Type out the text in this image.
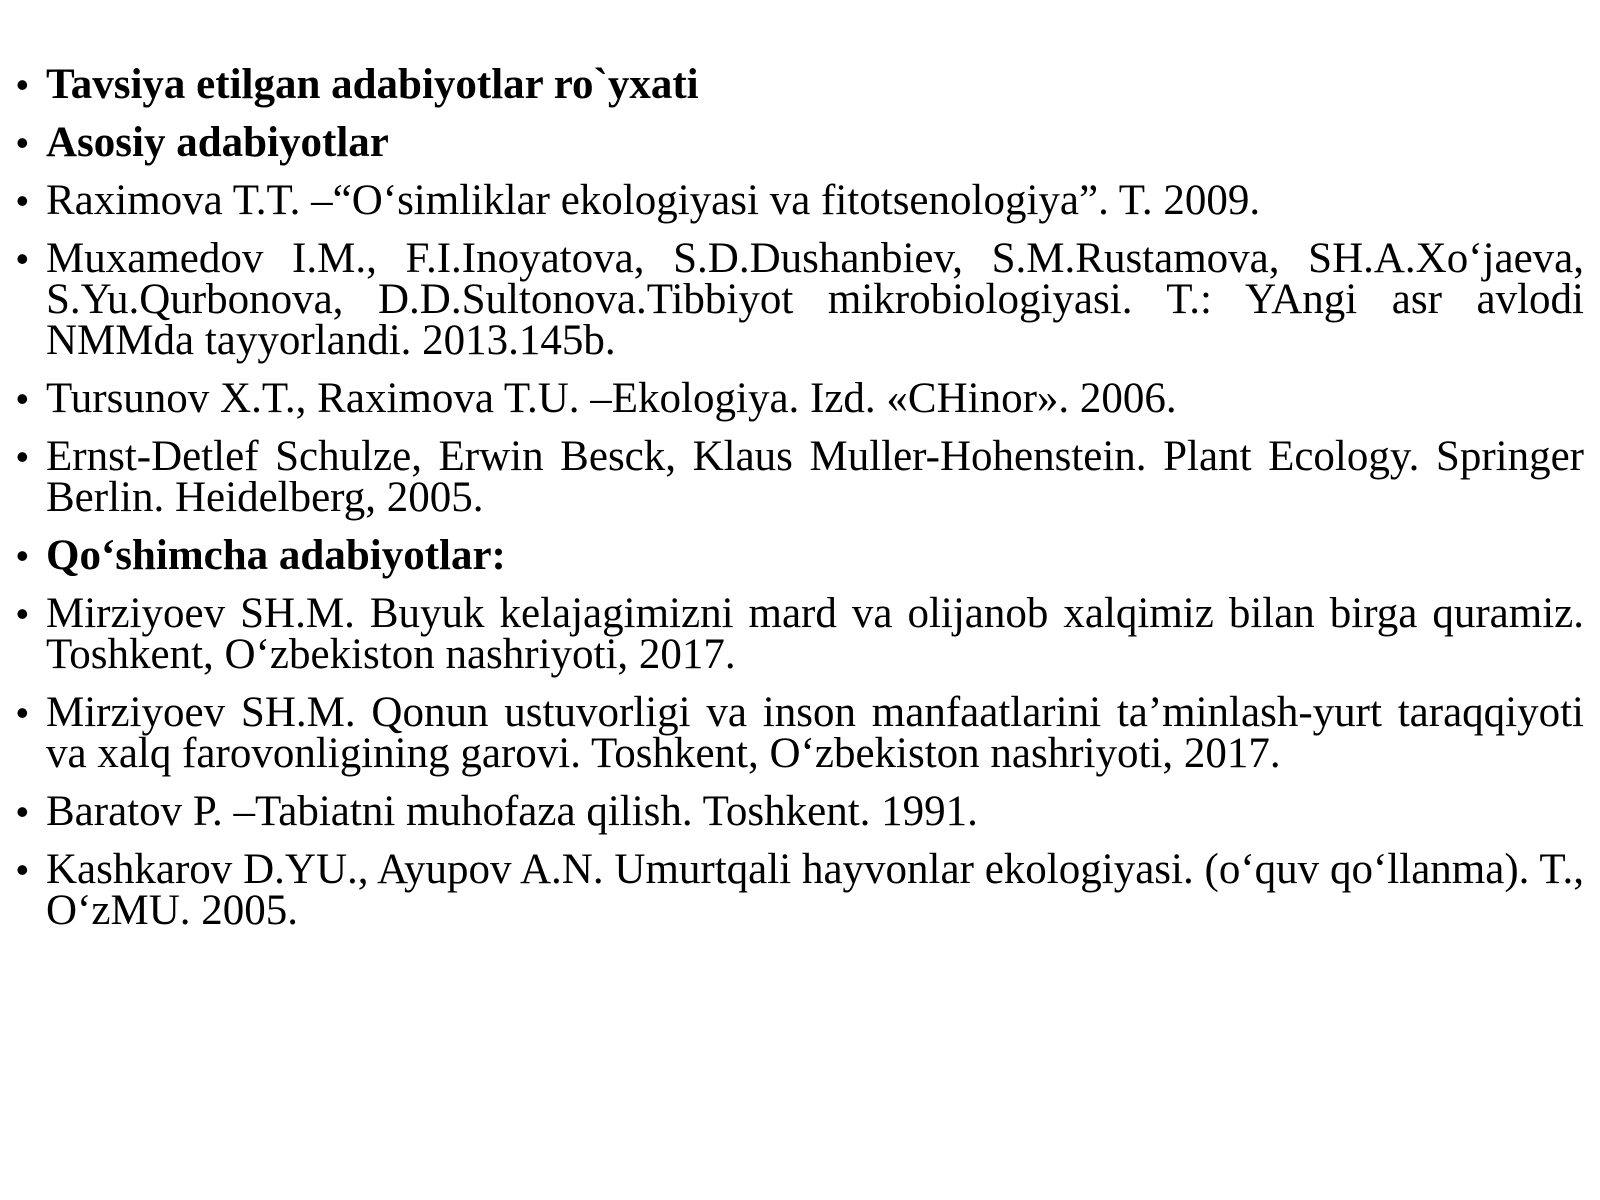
• Tavsiya etilgan adabiyotlar ro`yxati
• Asosiy adabiyotlar
• Raximova T.T. –“O‘simliklar ekologiyasi va fitotsenologiya”. T. 2009.
• Muxamedov I.M., F.I.Inoyatova, S.D.Dushanbiev, S.M.Rustamova, SH.A.Xo‘jaeva, S.Yu.Qurbonova, D.D.Sultonova.Tibbiyot mikrobiologiyasi. T.: YAngi asr avlodi NMMda tayyorlandi. 2013.145b.
• Tursunov X.T., Raximova T.U. –Ekologiya. Izd. «CHinor». 2006.
• Ernst-Detlef Schulze, Erwin Besck, Klaus Muller-Hohenstein. Plant Ecology. Springer Berlin. Heidelberg, 2005.
• Qo‘shimcha adabiyotlar:
• Mirziyoev SH.M. Buyuk kelajagimizni mard va olijanob xalqimiz bilan birga quramiz. Toshkent, O‘zbekiston nashriyoti, 2017.
• Mirziyoev SH.M. Qonun ustuvorligi va inson manfaatlarini ta’minlash-yurt taraqqiyoti va xalq farovonligining garovi. Toshkent, O‘zbekiston nashriyoti, 2017.
• Baratov P. –Tabiatni muhofaza qilish. Toshkent. 1991.
• Kashkarov D.YU., Ayupov A.N. Umurtqali hayvonlar ekologiyasi. (o‘quv qo‘llanma). T., O‘zMU. 2005.
